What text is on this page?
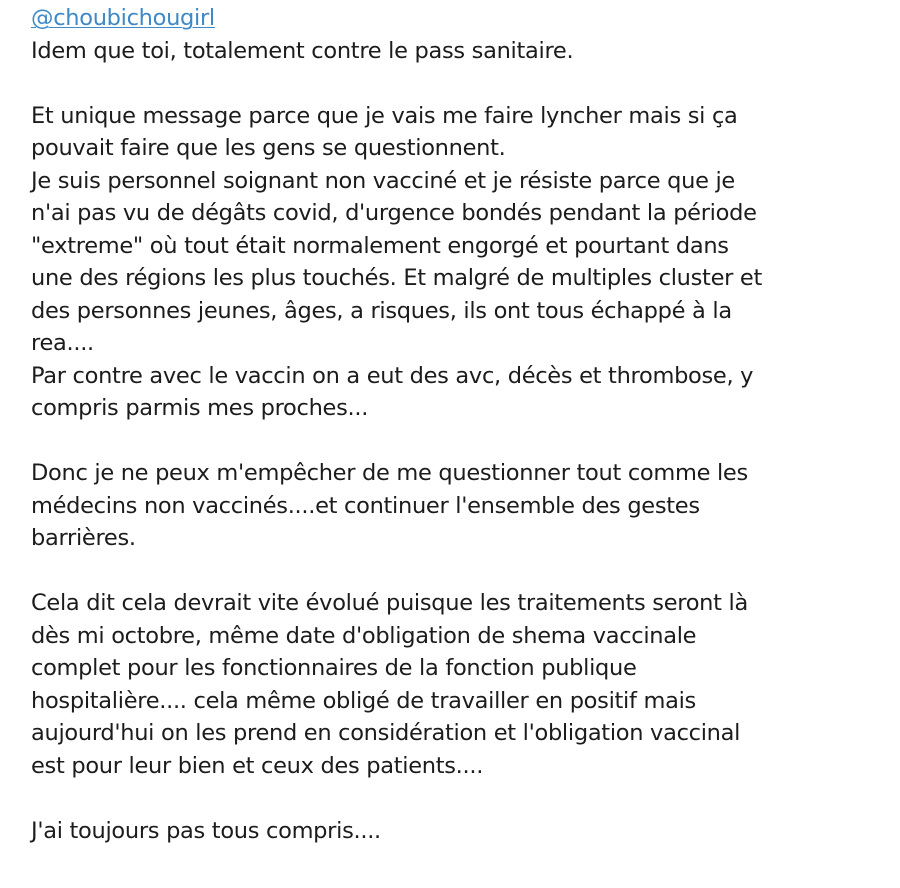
@choubichougirl
Idem que toi, totalement contre le pass sanitaire.
Et unique message parce que je vais me faire lyncher mais si ça
pouvait faire que les gens se questionnent.
Je suis personnel soignant non vacciné et je résiste parce que je
n'ai pas vu de dégâts covid, d'urgence bondés pendant la période
"extreme" où tout était normalement engorgé et pourtant dans
une des régions les plus touchés. Et malgré de multiples cluster et
des personnes jeunes, âges, a risques, ils ont tous échappé à la
rea....
Par contre avec le vaccin on a eut des avc, décès et thrombose, y
compris parmis mes proches...
Donc je ne peux m'empêcher de me questionner tout comme les
médecins non vaccinés....et continuer l'ensemble des gestes
barrières.
Cela dit cela devrait vite évolué puisque les traitements seront là
dès mi octobre, même date d'obligation de shema vaccinale
complet pour les fonctionnaires de la fonction publique
hospitalière.... cela même obligé de travailler en positif mais
aujourd'hui on les prend en considération et l'obligation vaccinal
est pour leur bien et ceux des patients....
J'ai toujours pas tous compris....
